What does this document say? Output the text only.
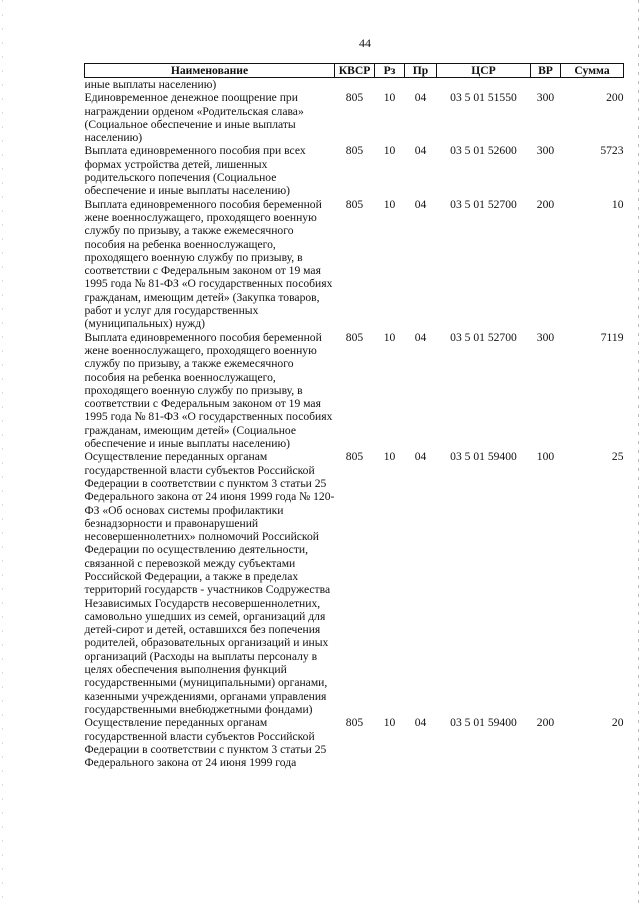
44
Наименование	КВСР	Рз	Пр	ЦСР	ВР	Сумма
иные выплаты населению)						
Единовременное денежное поощрение при награждении орденом «Родительская слава» (Социальное обеспечение и иные выплаты населению)	805	10	04	03 5 01 51550	300	200
Выплата единовременного пособия при всех формах устройства детей, лишенных родительского попечения (Социальное обеспечение и иные выплаты населению)	805	10	04	03 5 01 52600	300	5723
Выплата единовременного пособия беременной жене военнослужащего, проходящего военную службу по призыву, а также ежемесячного пособия на ребенка военнослужащего, проходящего военную службу по призыву, в соответствии с Федеральным законом от 19 мая 1995 года № 81-ФЗ «О государственных пособиях гражданам, имеющим детей» (Закупка товаров, работ и услуг для государственных (муниципальных) нужд)	805	10	04	03 5 01 52700	200	10
Выплата единовременного пособия беременной жене военнослужащего, проходящего военную службу по призыву, а также ежемесячного пособия на ребенка военнослужащего, проходящего военную службу по призыву, в соответствии с Федеральным законом от 19 мая 1995 года № 81-ФЗ «О государственных пособиях гражданам, имеющим детей» (Социальное обеспечение и иные выплаты населению)	805	10	04	03 5 01 52700	300	7119
Осуществление переданных органам государственной власти субъектов Российской Федерации в соответствии с пунктом 3 статьи 25 Федерального закона от 24 июня 1999 года № 120-ФЗ «Об основах системы профилактики безнадзорности и правонарушений несовершеннолетних» полномочий Российской Федерации по осуществлению деятельности, связанной с перевозкой между субъектами Российской Федерации, а также в пределах территорий государств - участников Содружества Независимых Государств несовершеннолетних, самовольно ушедших из семей, организаций для детей-сирот и детей, оставшихся без попечения родителей, образовательных организаций и иных организаций (Расходы на выплаты персоналу в целях обеспечения выполнения функций государственными (муниципальными) органами, казенными учреждениями, органами управления государственными внебюджетными фондами)	805	10	04	03 5 01 59400	100	25
Осуществление переданных органам государственной власти субъектов Российской Федерации в соответствии с пунктом 3 статьи 25 Федерального закона от 24 июня 1999 года	805	10	04	03 5 01 59400	200	20
